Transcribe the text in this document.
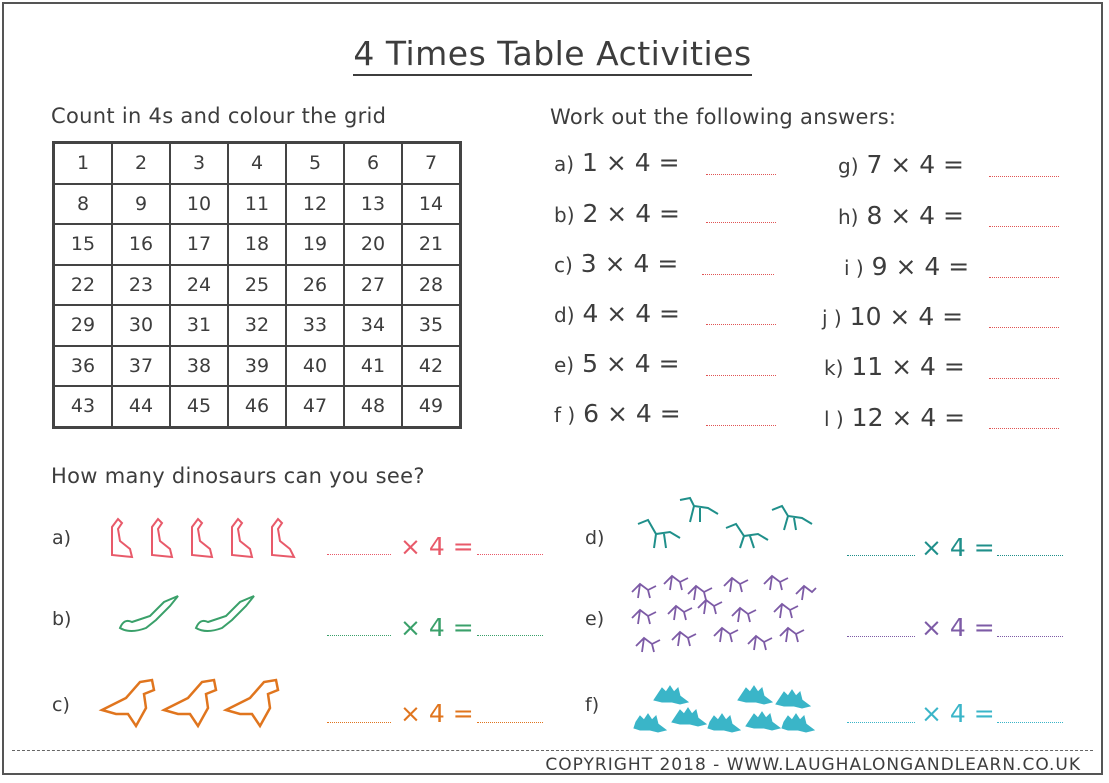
4 Times Table Activities
Count in 4s and colour the grid
1	2	3	4	5	6	7
8	9	10	11	12	13	14
15	16	17	18	19	20	21
22	23	24	25	26	27	28
29	30	31	32	33	34	35
36	37	38	39	40	41	42
43	44	45	46	47	48	49
Work out the following answers:
a) 1 × 4 =
b) 2 × 4 =
c) 3 × 4 =
d) 4 × 4 =
e) 5 × 4 =
f ) 6 × 4 =
g) 7 × 4 =
h) 8 × 4 =
i ) 9 × 4 =
j ) 10 × 4 =
k) 11 × 4 =
l ) 12 × 4 =
How many dinosaurs can you see?
a)	× 4 =
b)	× 4 =
c)	× 4 =
d)	× 4 =
e)	× 4 =
f)	× 4 =
COPYRIGHT 2018 - WWW.LAUGHALONGANDLEARN.CO.UK
